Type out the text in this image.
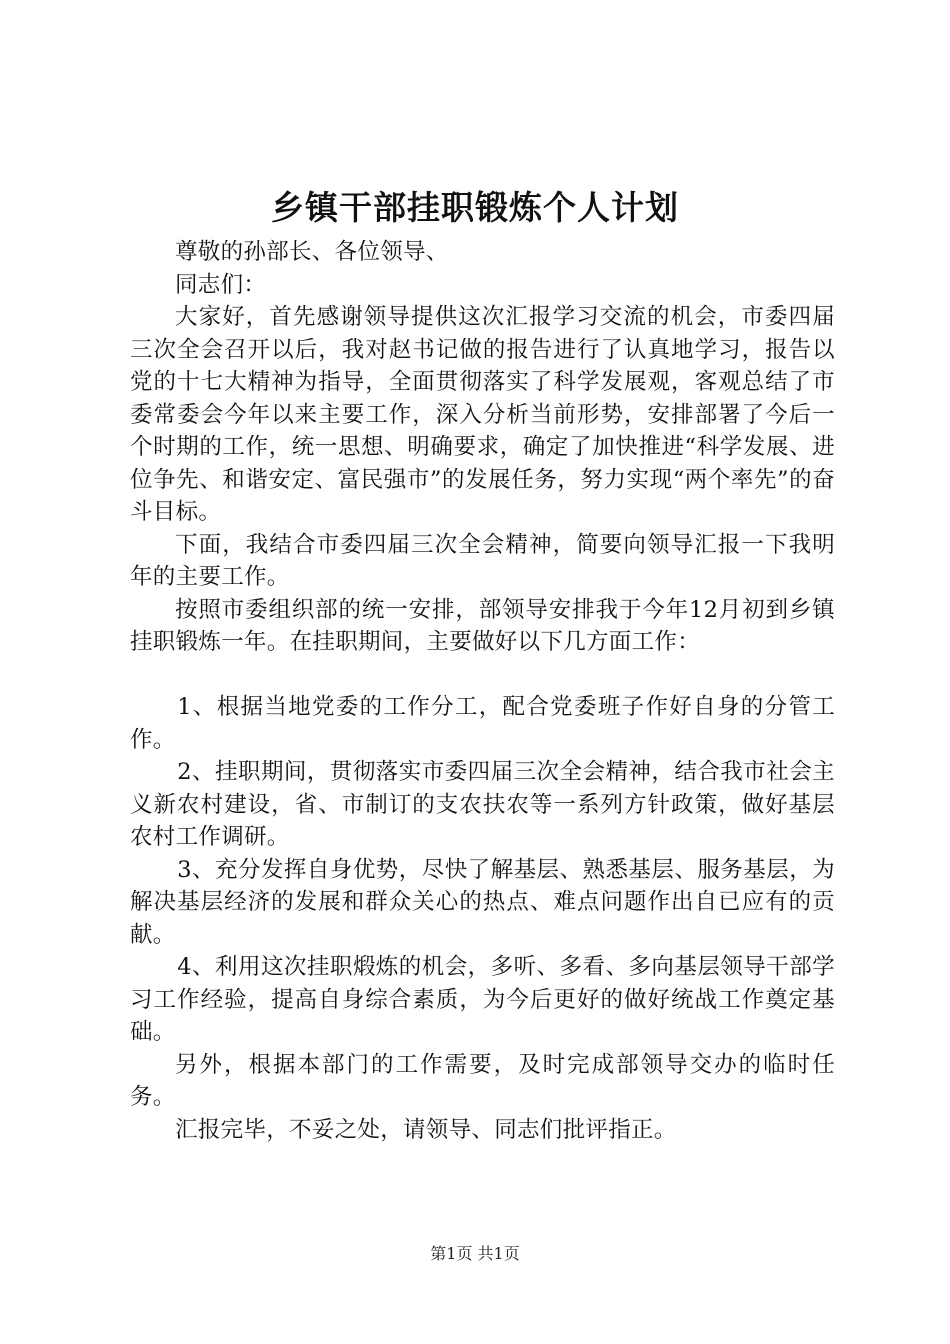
乡镇干部挂职锻炼个人计划

尊敬的孙部长、各位领导、

同志们：

大家好，首先感谢领导提供这次汇报学习交流的机会，市委四届三次全会召开以后，我对赵书记做的报告进行了认真地学习，报告以党的十七大精神为指导，全面贯彻落实了科学发展观，客观总结了市委常委会今年以来主要工作，深入分析当前形势，安排部署了今后一个时期的工作，统一思想、明确要求，确定了加快推进“科学发展、进位争先、和谐安定、富民强市”的发展任务，努力实现“两个率先”的奋斗目标。

下面，我结合市委四届三次全会精神，简要向领导汇报一下我明年的主要工作。

按照市委组织部的统一安排，部领导安排我于今年12月初到乡镇挂职锻炼一年。在挂职期间，主要做好以下几方面工作：

1、根据当地党委的工作分工，配合党委班子作好自身的分管工作。

2、挂职期间，贯彻落实市委四届三次全会精神，结合我市社会主义新农村建设，省、市制订的支农扶农等一系列方针政策，做好基层农村工作调研。

3、充分发挥自身优势，尽快了解基层、熟悉基层、服务基层，为解决基层经济的发展和群众关心的热点、难点问题作出自已应有的贡献。

4、利用这次挂职煅炼的机会，多听、多看、多向基层领导干部学习工作经验，提高自身综合素质，为今后更好的做好统战工作奠定基础。

另外，根据本部门的工作需要，及时完成部领导交办的临时任务。

汇报完毕，不妥之处，请领导、同志们批评指正。

第1页 共1页
